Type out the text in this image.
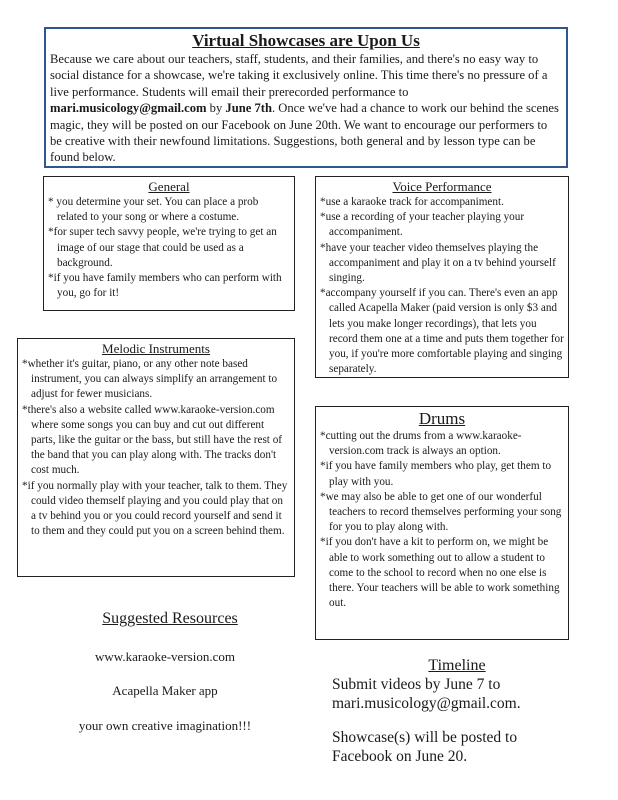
Virtual Showcases are Upon Us
Because we care about our teachers, staff, students, and their families, and there's no easy way to social distance for a showcase, we're taking it exclusively online. This time there's no pressure of a live performance. Students will email their prerecorded performance to mari.musicology@gmail.com by June 7th. Once we've had a chance to work our behind the scenes magic, they will be posted on our Facebook on June 20th. We want to encourage our performers to be creative with their newfound limitations. Suggestions, both general and by lesson type can be found below.
General
* you determine your set. You can place a prob related to your song or where a costume.
*for super tech savvy people, we're trying to get an image of our stage that could be used as a background.
*if you have family members who can perform with you, go for it!
Voice Performance
*use a karaoke track for accompaniment.
*use a recording of your teacher playing your accompaniment.
*have your teacher video themselves playing the accompaniment and play it on a tv behind yourself singing.
*accompany yourself if you can. There's even an app called Acapella Maker (paid version is only $3 and lets you make longer recordings), that lets you record them one at a time and puts them together for you, if you're more comfortable playing and singing separately.
Melodic Instruments
*whether it's guitar, piano, or any other note based instrument, you can always simplify an arrangement to adjust for fewer musicians.
*there's also a website called www.karaoke-version.com where some songs you can buy and cut out different parts, like the guitar or the bass, but still have the rest of the band that you can play along with. The tracks don't cost much.
*if you normally play with your teacher, talk to them. They could video themself playing and you could play that on a tv behind you or you could record yourself and send it to them and they could put you on a screen behind them.
Drums
*cutting out the drums from a www.karaoke-version.com track is always an option.
*if you have family members who play, get them to play with you.
*we may also be able to get one of our wonderful teachers to record themselves performing your song for you to play along with.
*if you don't have a kit to perform on, we might be able to work something out to allow a student to come to the school to record when no one else is there. Your teachers will be able to work something out.
Suggested Resources
www.karaoke-version.com
Acapella Maker app
your own creative imagination!!!
Timeline
Submit videos by June 7 to
mari.musicology@gmail.com.
Showcase(s) will be posted to
Facebook on June 20.
